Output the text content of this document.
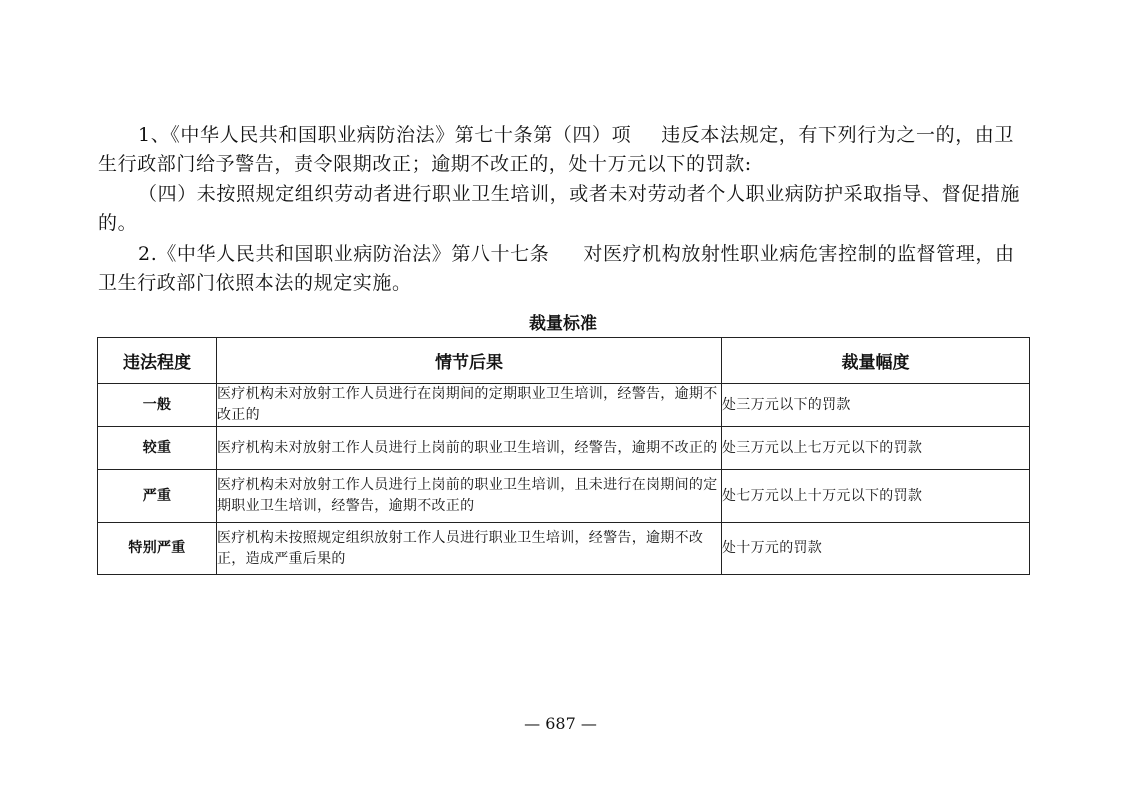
1、《中华人民共和国职业病防治法》第七十条第（四）项 违反本法规定，有下列行为之一的，由卫生行政部门给予警告，责令限期改正；逾期不改正的，处十万元以下的罚款:

（四）未按照规定组织劳动者进行职业卫生培训，或者未对劳动者个人职业病防护采取指导、督促措施的。

2.《中华人民共和国职业病防治法》第八十七条 对医疗机构放射性职业病危害控制的监督管理，由卫生行政部门依照本法的规定实施。

裁量标准
违法程度	情节后果	裁量幅度
一般	医疗机构未对放射工作人员进行在岗期间的定期职业卫生培训，经警告，逾期不改正的	处三万元以下的罚款
较重	医疗机构未对放射工作人员进行上岗前的职业卫生培训，经警告，逾期不改正的	处三万元以上七万元以下的罚款
严重	医疗机构未对放射工作人员进行上岗前的职业卫生培训，且未进行在岗期间的定期职业卫生培训，经警告，逾期不改正的	处七万元以上十万元以下的罚款
特别严重	医疗机构未按照规定组织放射工作人员进行职业卫生培训，经警告，逾期不改正，造成严重后果的	处十万元的罚款
— 687 —
